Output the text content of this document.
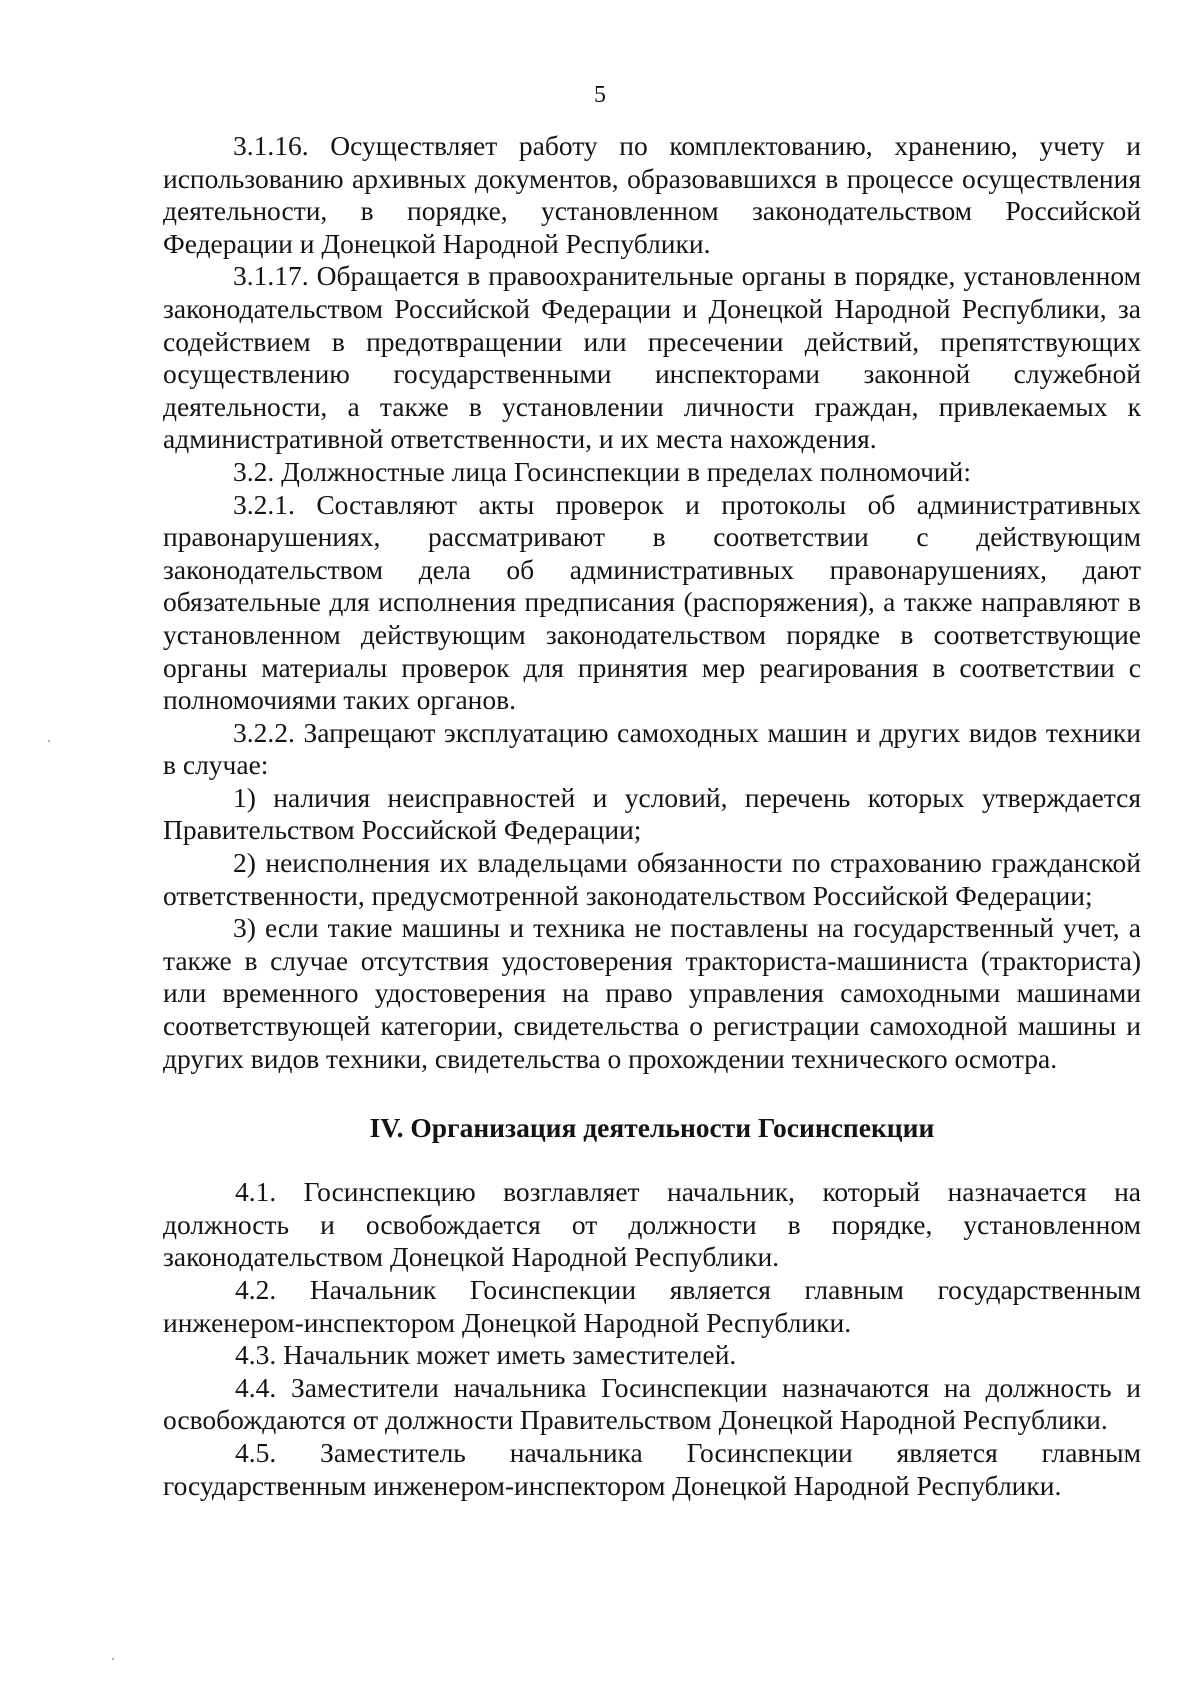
5

3.1.16. Осуществляет работу по комплектованию, хранению, учету и использованию архивных документов, образовавшихся в процессе осуществления деятельности, в порядке, установленном законодательством Российской Федерации и Донецкой Народной Республики.

3.1.17. Обращается в правоохранительные органы в порядке, установленном законодательством Российской Федерации и Донецкой Народной Республики, за содействием в предотвращении или пресечении действий, препятствующих осуществлению государственными инспекторами законной служебной деятельности, а также в установлении личности граждан, привлекаемых к административной ответственности, и их места нахождения.

3.2. Должностные лица Госинспекции в пределах полномочий:

3.2.1. Составляют акты проверок и протоколы об административных правонарушениях, рассматривают в соответствии с действующим законодательством дела об административных правонарушениях, дают обязательные для исполнения предписания (распоряжения), а также направляют в установленном действующим законодательством порядке в соответствующие органы материалы проверок для принятия мер реагирования в соответствии с полномочиями таких органов.

3.2.2. Запрещают эксплуатацию самоходных машин и других видов техники в случае:

1) наличия неисправностей и условий, перечень которых утверждается Правительством Российской Федерации;

2) неисполнения их владельцами обязанности по страхованию гражданской ответственности, предусмотренной законодательством Российской Федерации;

3) если такие машины и техника не поставлены на государственный учет, а также в случае отсутствия удостоверения тракториста-машиниста (тракториста) или временного удостоверения на право управления самоходными машинами соответствующей категории, свидетельства о регистрации самоходной машины и других видов техники, свидетельства о прохождении технического осмотра.

IV. Организация деятельности Госинспекции

4.1. Госинспекцию возглавляет начальник, который назначается на должность и освобождается от должности в порядке, установленном законодательством Донецкой Народной Республики.

4.2. Начальник Госинспекции является главным государственным инженером-инспектором Донецкой Народной Республики.

4.3. Начальник может иметь заместителей.

4.4. Заместители начальника Госинспекции назначаются на должность и освобождаются от должности Правительством Донецкой Народной Республики.

4.5. Заместитель начальника Госинспекции является главным государственным инженером-инспектором Донецкой Народной Республики.
